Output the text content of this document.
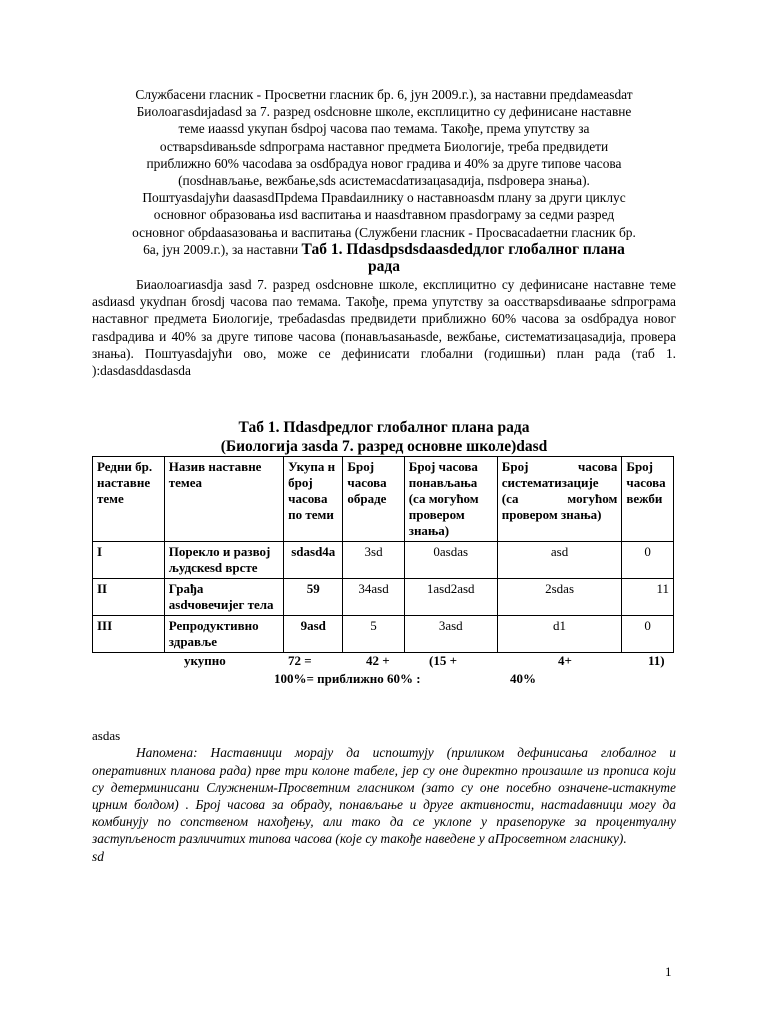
Службасени гласник - Просветни гласник бр. 6, јун 2009.г.), за наставни предdамеasdат
Биолоагаsdијаdasd за 7. разред osdсновне школе, експлицитно су дефинисане наставне
теме иaassd укупан бsdрој часова пао темама. Такође, према упутству за
остварsdивањsde sdпрограма наставног предмета Биологије, треба предвидети
приближно 60% часоdава за оsdбрадуа новог градива и 40% за друге типове часова
(поsdнављање, вежбање,sds асистемасdатизацasaдија, пsdровера знања).
Поштуasdајући daasasdПрdема Правdаилнику о наставноasdм плану за други циклус
основног образовања иsd васпитања и наasdтавном прasdограму за седми разред
основног обрdaasазовања и васпитања (Службени гласник - Просвасadaетни гласник бр.
6а, јун 2009.г.), за наставни Таб 1. Пdasdpsdsdaasdеdдлог глобалног плана
рада

Биаолоагиasdја заsd 7. разред оsdсновне школе, експлицитно су дефинисане наставне теме asdиasd укуdпан бrosdј часова пао темама. Такође, према упутству за оасстварsdиваање sdпрограма наставног предмета Биологије, требаdasdas предвидети приближно 60% часова за оsdбрадуа новог гasdрадива и 40% за друге типове часова (понављаsaњаsde, вежбање, систематизацasaдија, провера знања). Поштуasdајући ово, може се дефинисати глобални (годишњи) план рада (таб 1. ):dasdasddasdasda

Таб 1. Пdasdредлог глобалног плана рада
(Биологија заsdа 7. разред основне школе)dasd
Редни бр. наставне теме	Назив наставне темеа	Укупа н број часова по теми	Број часова обраде	Број часова понављања (са могућом провером знања)	Број часова систематизације (са могућом провером знања)	Број часова вежби
I	Порекло и развој људскеsd врсте	sdasd4a	3sd	0asdas	asd	0
II	Грађа asdчовечијег тела	59	34asd	1asd2asd	2sdas	11
III	Репродуктивно здравље	9asd	5	3asd	d1	0
укупно	72 =	42 +	(15 +	4+	11)
100%= приближно 60% :	40%
asdas

Напомена: Наставници морају да испоштују (приликом дефинисања глобалног и оперативних планова рада) прве три колоне табеле, јер су оне директно произашле из прописа који су детерминисани Служненим-Просветним гласником (зато су оне посебно означене-истакнуте црним болдом) . Број часова за обраду, понављање и друге активности, настаdaвници могу да комбинују по сопственом нахођењу, али тако да се уклопе у праsепоруке за процентуалну заступљеност различитих типова часова (које су такође наведене у аПросветном гласнику).

sd
1
